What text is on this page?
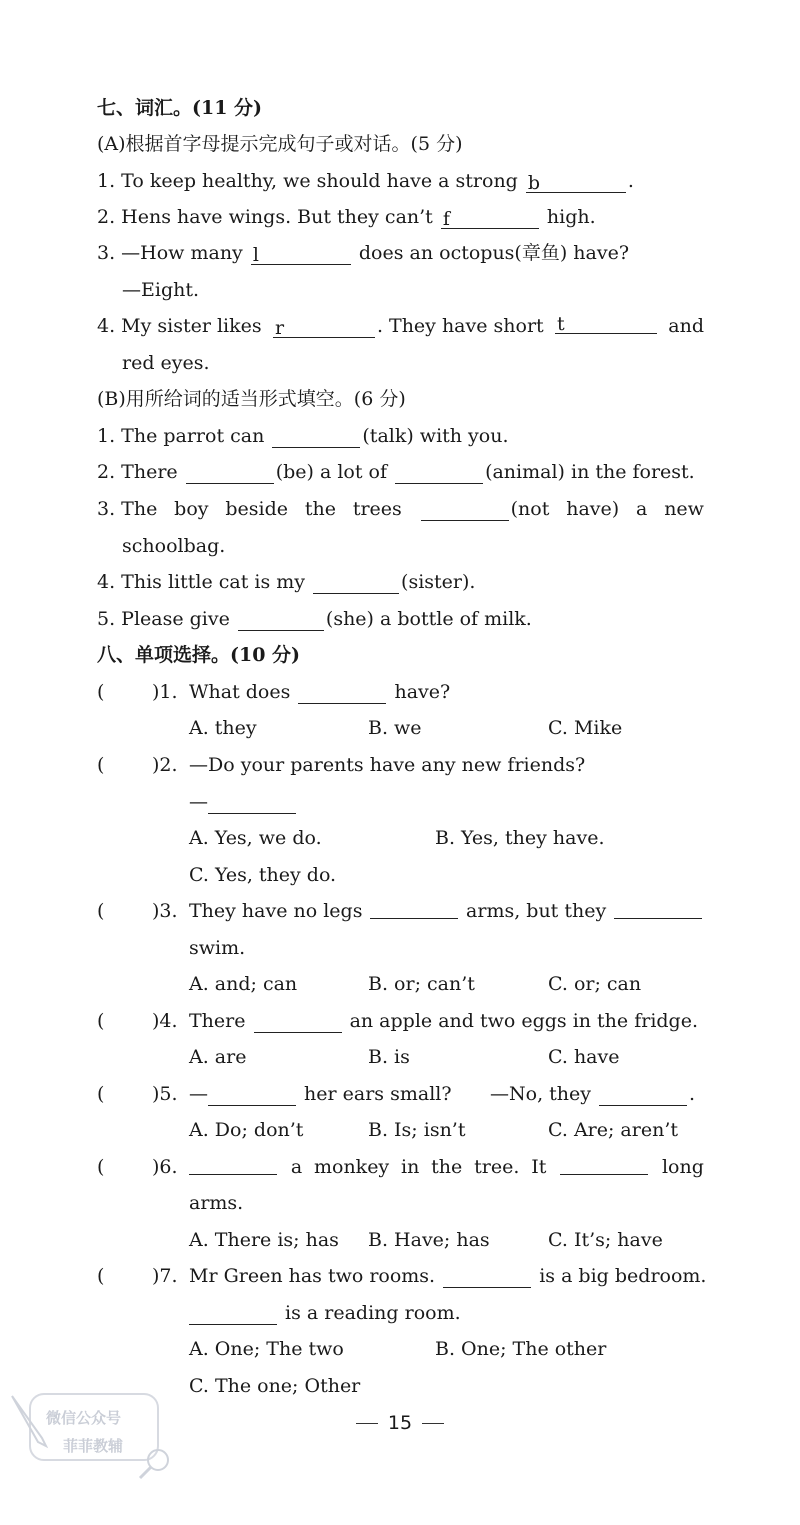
七、词汇。(11 分)
(A)根据首字母提示完成句子或对话。(5 分)
1. To keep healthy, we should have a strong b	.
2. Hens have wings. But they can’t f	high.
3. —How many l	does an octopus(章鱼) have?
—Eight.
4. My sister likes r	. They have short t	and
red eyes.
(B)用所给词的适当形式填空。(6 分)
1. The parrot can	(talk) with you.
2. There	(be) a lot of	(animal) in the forest.
3. The boy beside the trees	(not have) a new
schoolbag.
4. This little cat is my	(sister).
5. Please give	(she) a bottle of milk.
八、单项选择。(10 分)
(	)1. What does	have?
A. they	B. we	C. Mike
(	)2. —Do your parents have any new friends?
—
A. Yes, we do.	B. Yes, they have.
C. Yes, they do.
(	)3. They have no legs	arms, but they
swim.
A. and; can	B. or; can’t	C. or; can
(	)4. There	an apple and two eggs in the fridge.
A. are	B. is	C. have
(	)5. —	her ears small? —No, they	.
A. Do; don’t	B. Is; isn’t	C. Are; aren’t
(	)6.	a monkey in the tree. It	long
arms.
A. There is; has B. Have; has	C. It’s; have
(	)7. Mr Green has two rooms.	is a big bedroom.
is a reading room.
A. One; The two	B. One; The other
C. The one; Other
15
微信公众号
菲菲教辅
